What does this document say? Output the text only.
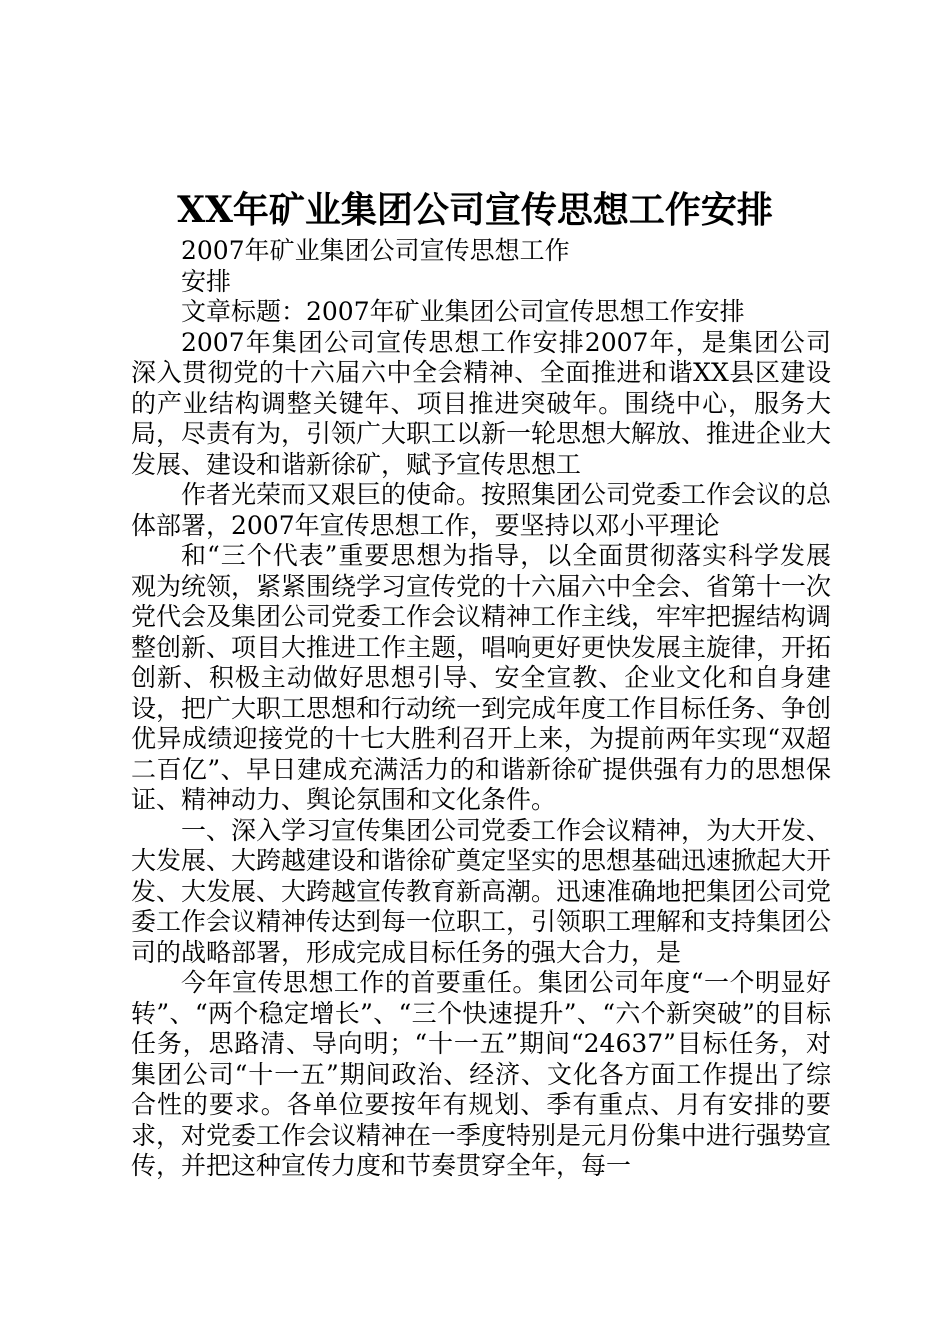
XX年矿业集团公司宣传思想工作安排

2007年矿业集团公司宣传思想工作

安排

文章标题：2007年矿业集团公司宣传思想工作安排

2007年集团公司宣传思想工作安排2007年，是集团公司深入贯彻党的十六届六中全会精神、全面推进和谐XX县区建设的产业结构调整关键年、项目推进突破年。围绕中心，服务大局，尽责有为，引领广大职工以新一轮思想大解放、推进企业大发展、建设和谐新徐矿，赋予宣传思想工

作者光荣而又艰巨的使命。按照集团公司党委工作会议的总体部署，2007年宣传思想工作，要坚持以邓小平理论

和“三个代表”重要思想为指导，以全面贯彻落实科学发展观为统领，紧紧围绕学习宣传党的十六届六中全会、省第十一次党代会及集团公司党委工作会议精神工作主线，牢牢把握结构调整创新、项目大推进工作主题，唱响更好更快发展主旋律，开拓创新、积极主动做好思想引导、安全宣教、企业文化和自身建设，把广大职工思想和行动统一到完成年度工作目标任务、争创优异成绩迎接党的十七大胜利召开上来，为提前两年实现“双超二百亿”、早日建成充满活力的和谐新徐矿提供强有力的思想保证、精神动力、舆论氛围和文化条件。

一、深入学习宣传集团公司党委工作会议精神，为大开发、大发展、大跨越建设和谐徐矿奠定坚实的思想基础迅速掀起大开发、大发展、大跨越宣传教育新高潮。迅速准确地把集团公司党委工作会议精神传达到每一位职工，引领职工理解和支持集团公司的战略部署，形成完成目标任务的强大合力，是

今年宣传思想工作的首要重任。集团公司年度“一个明显好转”、“两个稳定增长”、“三个快速提升”、“六个新突破”的目标任务，思路清、导向明；“十一五”期间“24637”目标任务，对集团公司“十一五”期间政治、经济、文化各方面工作提出了综合性的要求。各单位要按年有规划、季有重点、月有安排的要求，对党委工作会议精神在一季度特别是元月份集中进行强势宣传，并把这种宣传力度和节奏贯穿全年，每一
